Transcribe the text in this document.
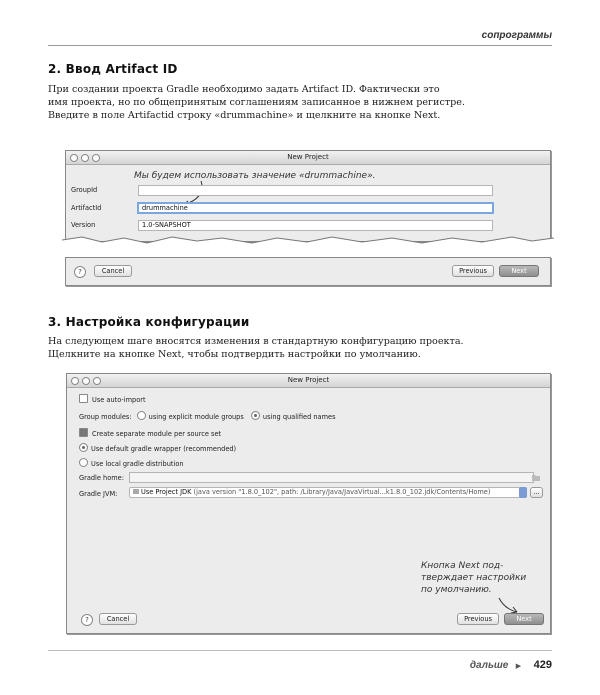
сопрограммы
2. Ввод Artifact ID
При создании проекта Gradle необходимо задать Artifact ID. Фактически это
имя проекта, но по общепринятым соглашениям записанное в нижнем регистре.
Введите в поле Artifactid строку «drummachine» и щелкните на кнопке Next.
New Project
Мы будем использовать значение «drummachine».
GroupId
ArtifactId	drummachine
Version	1.0-SNAPSHOT
?	Cancel	Previous	Next
3. Настройка конфигурации
На следующем шаге вносятся изменения в стандартную конфигурацию проекта.
Щелкните на кнопке Next, чтобы подтвердить настройки по умолчанию.
New Project
Use auto-import
Group modules:	using explicit module groups	using qualified names
Create separate module per source set
Use default gradle wrapper (recommended)
Use local gradle distribution
Gradle home:
Gradle JVM:	Use Project JDK (java version "1.8.0_102", path: /Library/Java/JavaVirtual...k1.8.0_102.jdk/Contents/Home)	...
Кнопка Next под-
тверждает настройки
по умолчанию.
?	Cancel	Previous	Next
дальше ▶ 429
